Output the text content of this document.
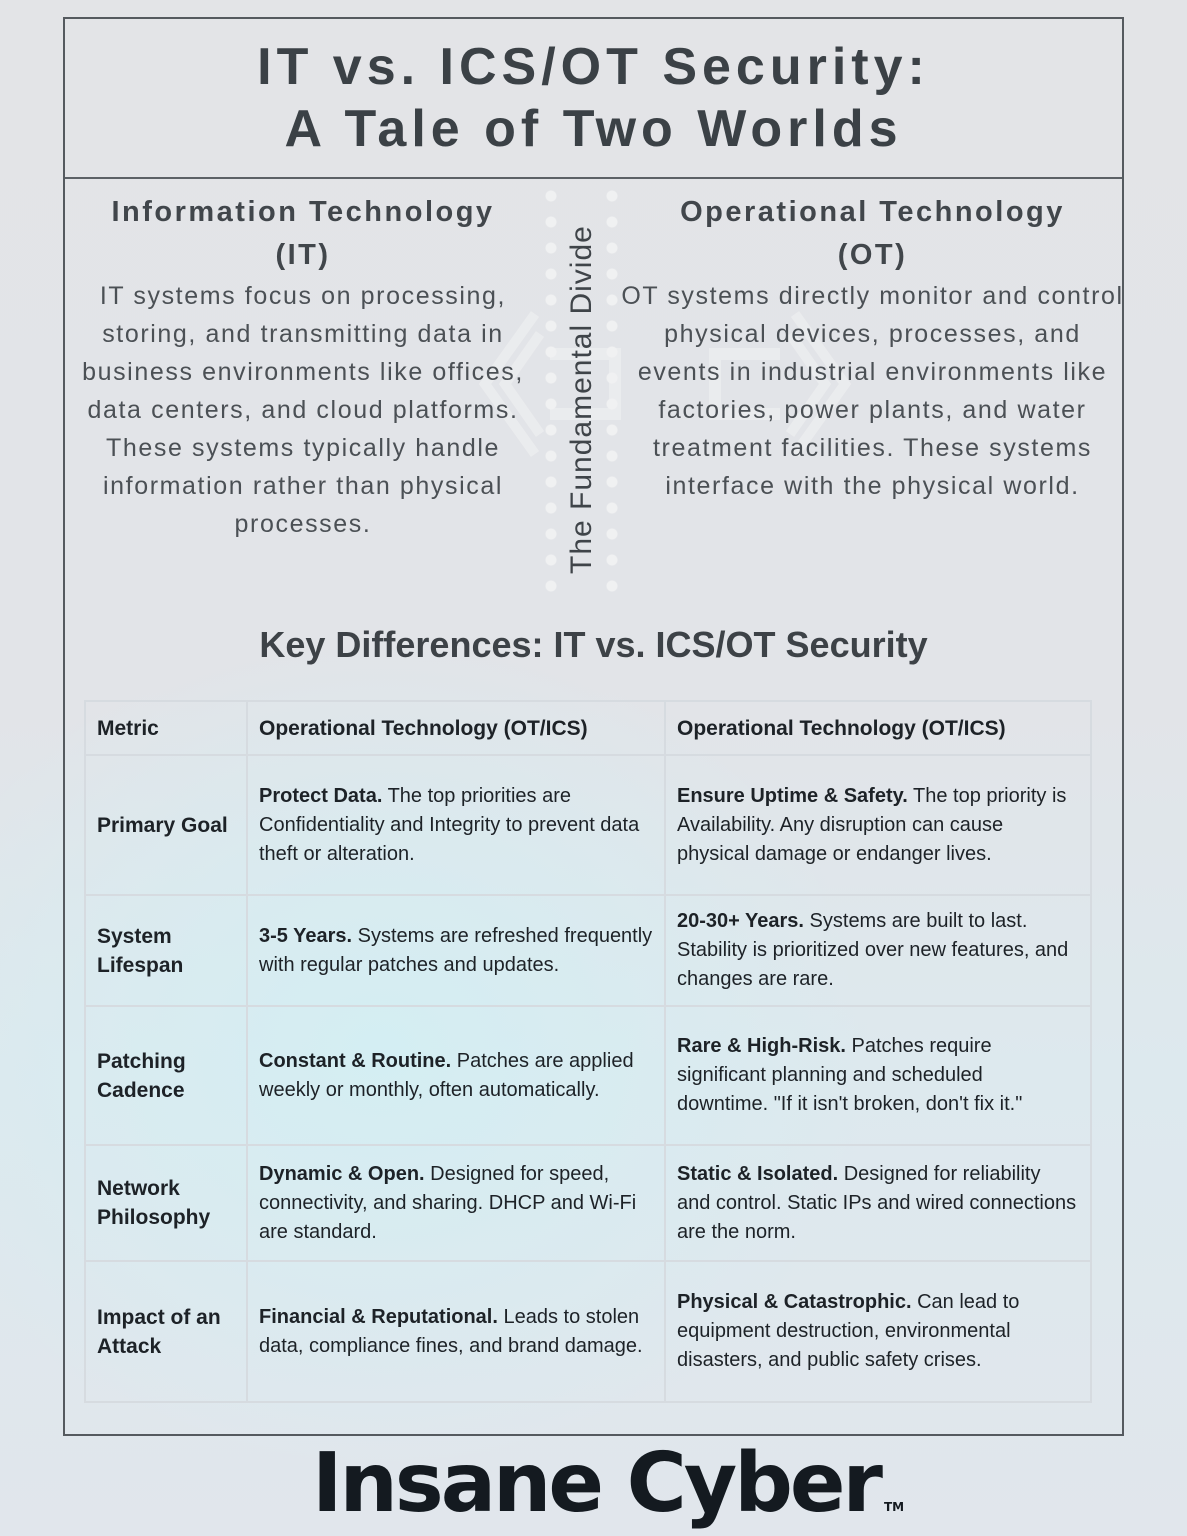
IT vs. ICS/OT Security:
A Tale of Two Worlds
Information Technology
(IT)

IT systems focus on processing, storing, and transmitting data in business environments like offices, data centers, and cloud platforms. These systems typically handle information rather than physical processes.	The Fundamental Divide
Operational Technology
(OT)

OT systems directly monitor and control physical devices, processes, and events in industrial environments like factories, power plants, and water treatment facilities. These systems interface with the physical world.

Key Differences: IT vs. ICS/OT Security
Metric	Operational Technology (OT/ICS)	Operational Technology (OT/ICS)
Primary Goal	Protect Data. The top priorities are Confidentiality and Integrity to prevent data theft or alteration.	Ensure Uptime & Safety. The top priority is Availability. Any disruption can cause physical damage or endanger lives.
System Lifespan	3-5 Years. Systems are refreshed frequently with regular patches and updates.	20-30+ Years. Systems are built to last. Stability is prioritized over new features, and changes are rare.
Patching Cadence	Constant & Routine. Patches are applied weekly or monthly, often automatically.	Rare & High-Risk. Patches require significant planning and scheduled downtime. "If it isn't broken, don't fix it."
Network Philosophy	Dynamic & Open. Designed for speed, connectivity, and sharing. DHCP and Wi-Fi are standard.	Static & Isolated. Designed for reliability and control. Static IPs and wired connections are the norm.
Impact of an Attack	Financial & Reputational. Leads to stolen data, compliance fines, and brand damage.	Physical & Catastrophic. Can lead to equipment destruction, environmental disasters, and public safety crises.
Insane Cyber TM
